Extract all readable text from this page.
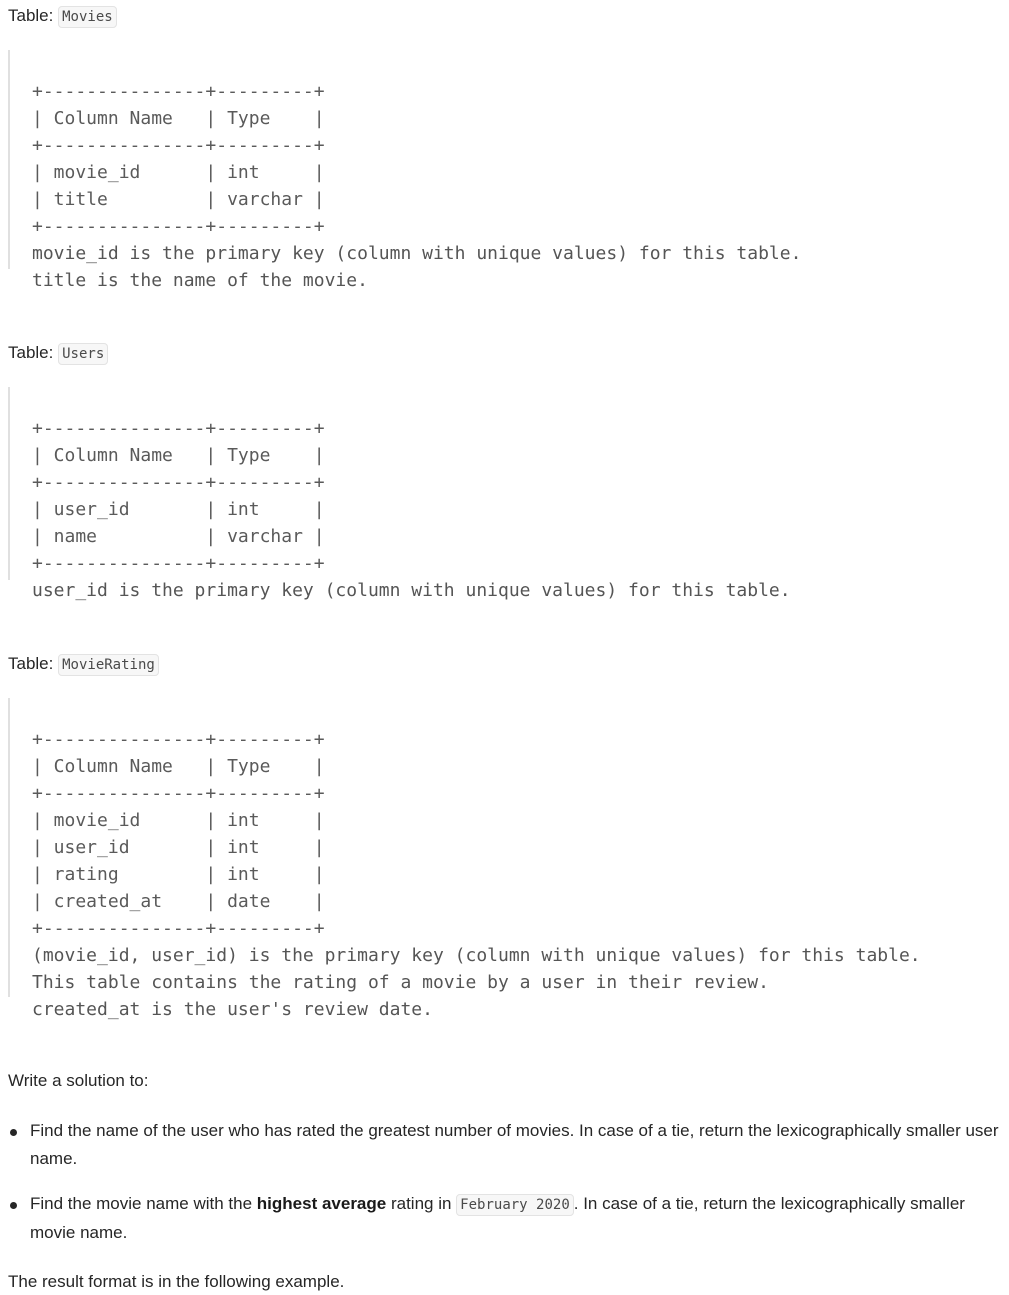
Table: Movies

+---------------+---------+
| Column Name   | Type    |
+---------------+---------+
| movie_id      | int     |
| title         | varchar |
+---------------+---------+
movie_id is the primary key (column with unique values) for this table.
title is the name of the movie.

Table: Users

+---------------+---------+
| Column Name   | Type    |
+---------------+---------+
| user_id       | int     |
| name          | varchar |
+---------------+---------+
user_id is the primary key (column with unique values) for this table.

Table: MovieRating

+---------------+---------+
| Column Name   | Type    |
+---------------+---------+
| movie_id      | int     |
| user_id       | int     |
| rating        | int     |
| created_at    | date    |
+---------------+---------+
(movie_id, user_id) is the primary key (column with unique values) for this table.
This table contains the rating of a movie by a user in their review.
created_at is the user's review date.

Write a solution to:

Find the name of the user who has rated the greatest number of movies. In case of a tie, return the lexicographically smaller user name.
Find the movie name with the highest average rating in February 2020 . In case of a tie, return the lexicographically smaller movie name.

The result format is in the following example.
